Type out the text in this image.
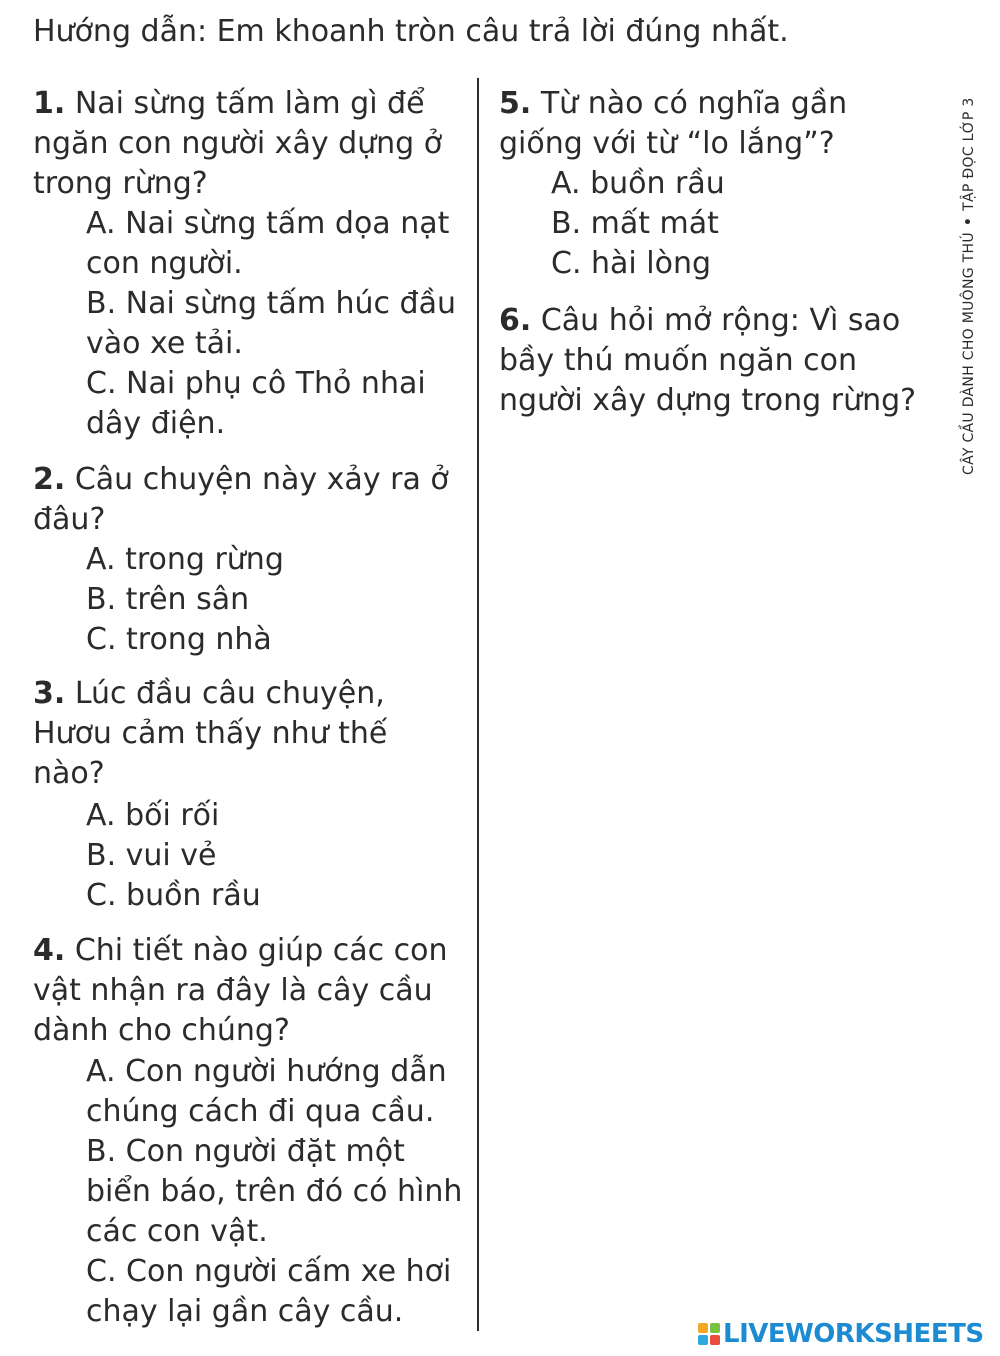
Hướng dẫn: Em khoanh tròn câu trả lời đúng nhất.
1. Nai sừng tấm làm gì để
ngăn con người xây dựng ở
trong rừng?
A. Nai sừng tấm dọa nạt
con người.
B. Nai sừng tấm húc đầu
vào xe tải.
C. Nai phụ cô Thỏ nhai
dây điện.
2. Câu chuyện này xảy ra ở
đâu?
A. trong rừng
B. trên sân
C. trong nhà
3. Lúc đầu câu chuyện,
Hươu cảm thấy như thế
nào?
A. bối rối
B. vui vẻ
C. buồn rầu
4. Chi tiết nào giúp các con
vật nhận ra đây là cây cầu
dành cho chúng?
A. Con người hướng dẫn
chúng cách đi qua cầu.
B. Con người đặt một
biển báo, trên đó có hình
các con vật.
C. Con người cấm xe hơi
chạy lại gần cây cầu.
5. Từ nào có nghĩa gần
giống với từ “lo lắng”?
A. buồn rầu
B. mất mát
C. hài lòng
6. Câu hỏi mở rộng: Vì sao
bầy thú muốn ngăn con
người xây dựng trong rừng?	CÂY CẦU DÀNH CHO MUÔNG THÚ•TẬP ĐỌC LỚP 3
LIVEWORKSHEETS
